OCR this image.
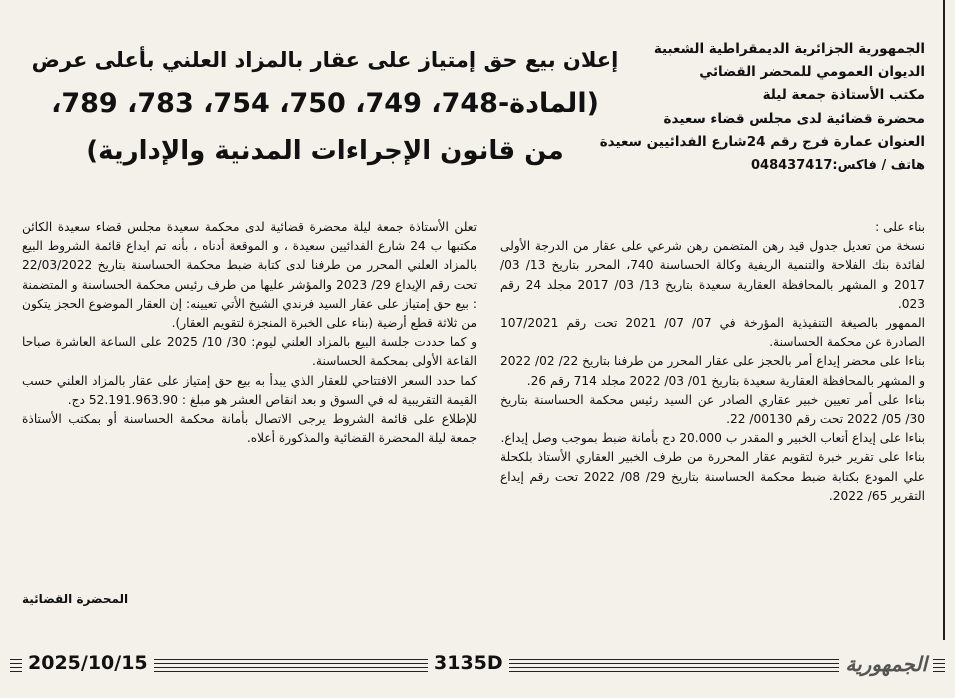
الجمهورية الجزائرية الديمقراطية الشعبية
الديوان العمومي للمحضر القضائي
مكتب الأستاذة جمعة ليلة
محضرة قضائية لدى مجلس قضاء سعيدة
العنوان عمارة فرج رقم 24شارع الفدائيين سعيدة
هاتف / فاكس:048437417
إعلان بيع حق إمتياز على عقار بالمزاد العلني بأعلى عرض
(المادة-748، 749، 750، 754، 783، 789،
من قانون الإجراءات المدنية والإدارية)

بناء على :

نسخة من تعديل جدول قيد رهن المتضمن رهن شرعي على عقار من الدرجة الأولى لفائدة بنك الفلاحة والتنمية الريفية وكالة الحساسنة 740، المحرر بتاريخ 13/ 03/ 2017 و المشهر بالمحافظة العقارية سعيدة بتاريخ 13/ 03/ 2017 مجلد 24 رقم 023.

الممهور بالصيغة التنفيذية المؤرخة في 07/ 07/ 2021 تحت رقم 107/2021 الصادرة عن محكمة الحساسنة.

بناءا على محضر إيداع أمر بالحجز على عقار المحرر من طرفنا بتاريخ 22/ 02/ 2022 و المشهر بالمحافظة العقارية سعيدة بتاريخ 01/ 03/ 2022 مجلد 714 رقم 26.

بناءا على أمر تعيين خبير عقاري الصادر عن السيد رئيس محكمة الحساسنة بتاريخ 30/ 05/ 2022 تحت رقم 00130/ 22.

بناءا على إيداع أتعاب الخبير و المقدر ب 20.000 دج بأمانة ضبط بموجب وصل إيداع.

بناءا على تقرير خبرة لتقويم عقار المحررة من طرف الخبير العقاري الأستاذ بلكحلة علي المودع بكتابة ضبط محكمة الحساسنة بتاريخ 29/ 08/ 2022 تحت رقم إيداع التقرير 65/ 2022.

تعلن الأستاذة جمعة ليلة محضرة قضائية لدى محكمة سعيدة مجلس قضاء سعيدة الكائن مكتبها ب 24 شارع الفدائيين سعيدة ، و الموقعة أدناه ، بأنه تم ايداع قائمة الشروط البيع بالمزاد العلني المحرر من طرفنا لدى كتابة ضبط محكمة الحساسنة بتاريخ 22/03/2022 تحت رقم الإيداع 29/ 2023 والمؤشر عليها من طرف رئيس محكمة الحساسنة و المتضمنة : بيع حق إمتياز على عقار السيد فرندي الشيخ الأتي تعيينه: إن العقار الموضوع الحجز يتكون من ثلاثة قطع أرضية (بناء على الخبرة المنجزة لتقويم العقار).

و كما حددت جلسة البيع بالمزاد العلني ليوم: 30/ 10/ 2025 على الساعة العاشرة صباحا القاعة الأولى بمحكمة الحساسنة.

كما حدد السعر الافتتاحي للعقار الذي يبدأ به بيع حق إمتياز على عقار بالمزاد العلني حسب القيمة التقريبية له في السوق و بعد انقاص العشر هو مبلغ : 52.191.963.90 دج.

للإطلاع على قائمة الشروط يرجى الاتصال بأمانة محكمة الحساسنة أو بمكتب الأستاذة جمعة ليلة المحضرة القضائية والمذكورة أعلاه.

المحضرة القضائية
2025/10/15	3135D	الجمهورية
